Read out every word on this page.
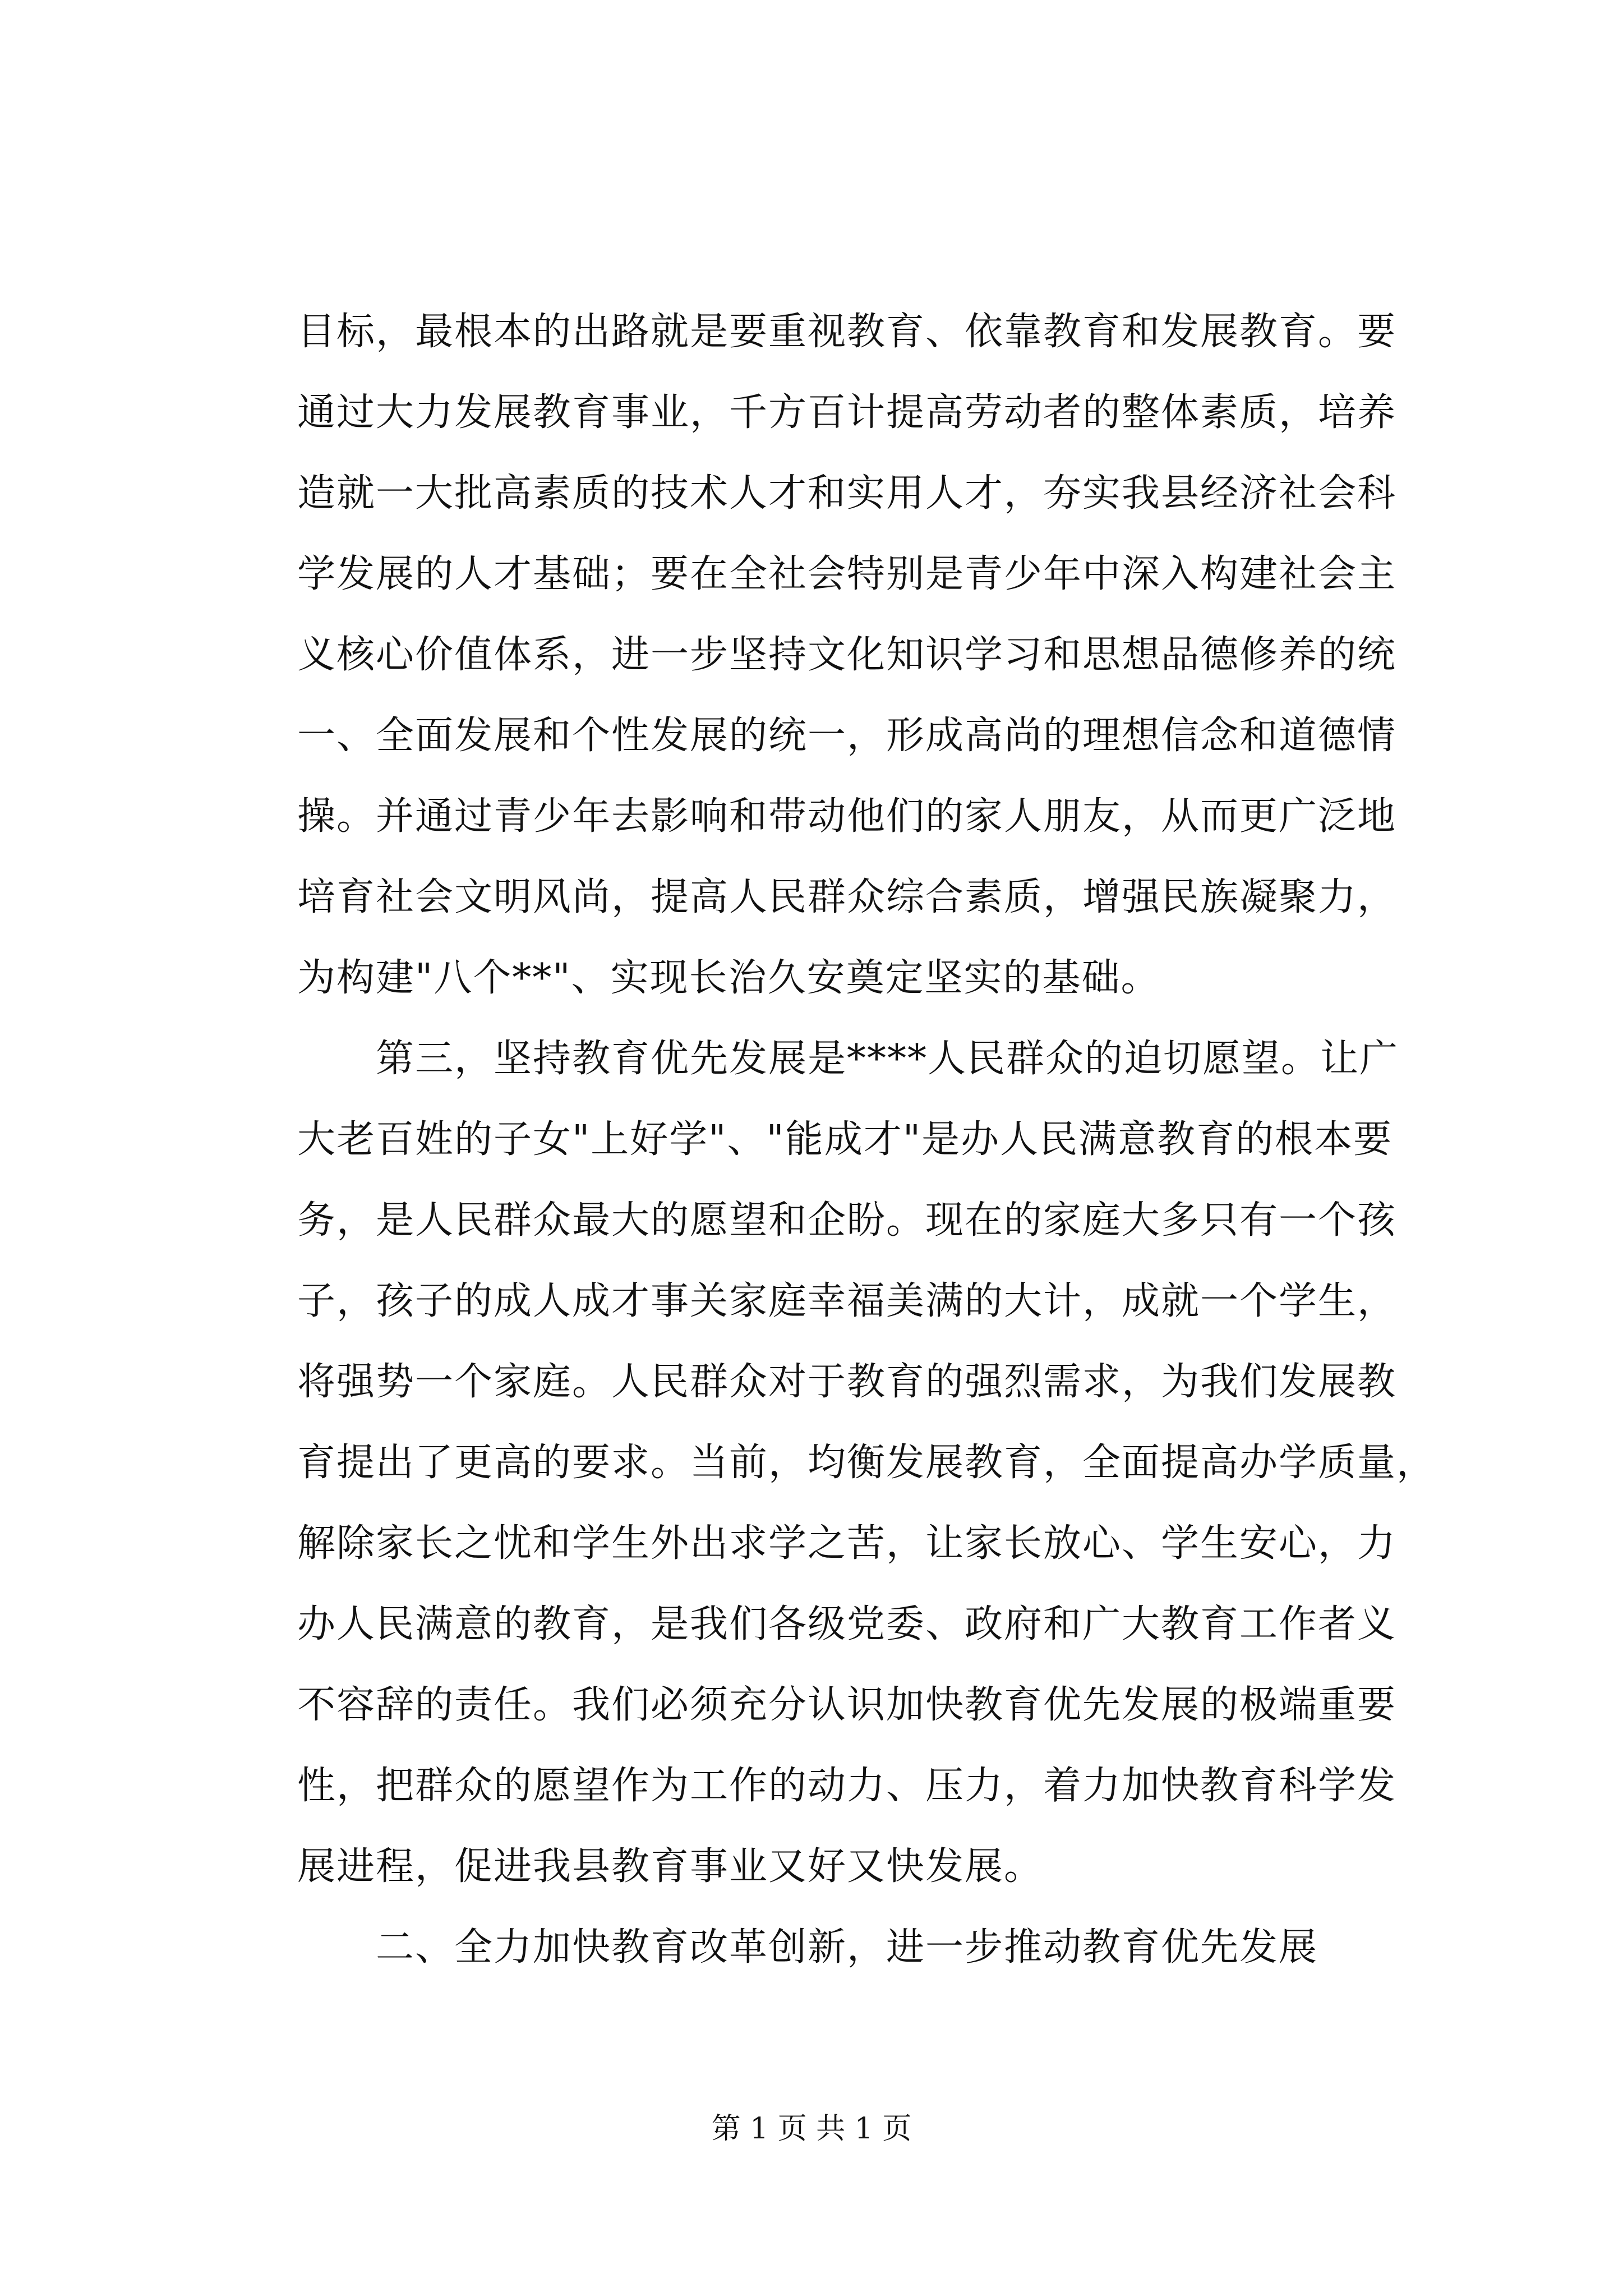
目标，最根本的出路就是要重视教育、依靠教育和发展教育。要
通过大力发展教育事业，千方百计提高劳动者的整体素质，培养
造就一大批高素质的技术人才和实用人才，夯实我县经济社会科
学发展的人才基础；要在全社会特别是青少年中深入构建社会主
义核心价值体系，进一步坚持文化知识学习和思想品德修养的统
一、全面发展和个性发展的统一，形成高尚的理想信念和道德情
操。并通过青少年去影响和带动他们的家人朋友，从而更广泛地
培育社会文明风尚，提高人民群众综合素质，增强民族凝聚力，
为构建"八个**"、实现长治久安奠定坚实的基础。
第三，坚持教育优先发展是****人民群众的迫切愿望。让广
大老百姓的子女"上好学"、"能成才"是办人民满意教育的根本要
务，是人民群众最大的愿望和企盼。现在的家庭大多只有一个孩
子，孩子的成人成才事关家庭幸福美满的大计，成就一个学生，
将强势一个家庭。人民群众对于教育的强烈需求，为我们发展教
育提出了更高的要求。当前，均衡发展教育，全面提高办学质量，
解除家长之忧和学生外出求学之苦，让家长放心、学生安心，力
办人民满意的教育，是我们各级党委、政府和广大教育工作者义
不容辞的责任。我们必须充分认识加快教育优先发展的极端重要
性，把群众的愿望作为工作的动力、压力，着力加快教育科学发
展进程，促进我县教育事业又好又快发展。
二、全力加快教育改革创新，进一步推动教育优先发展
第 1 页 共 1 页
